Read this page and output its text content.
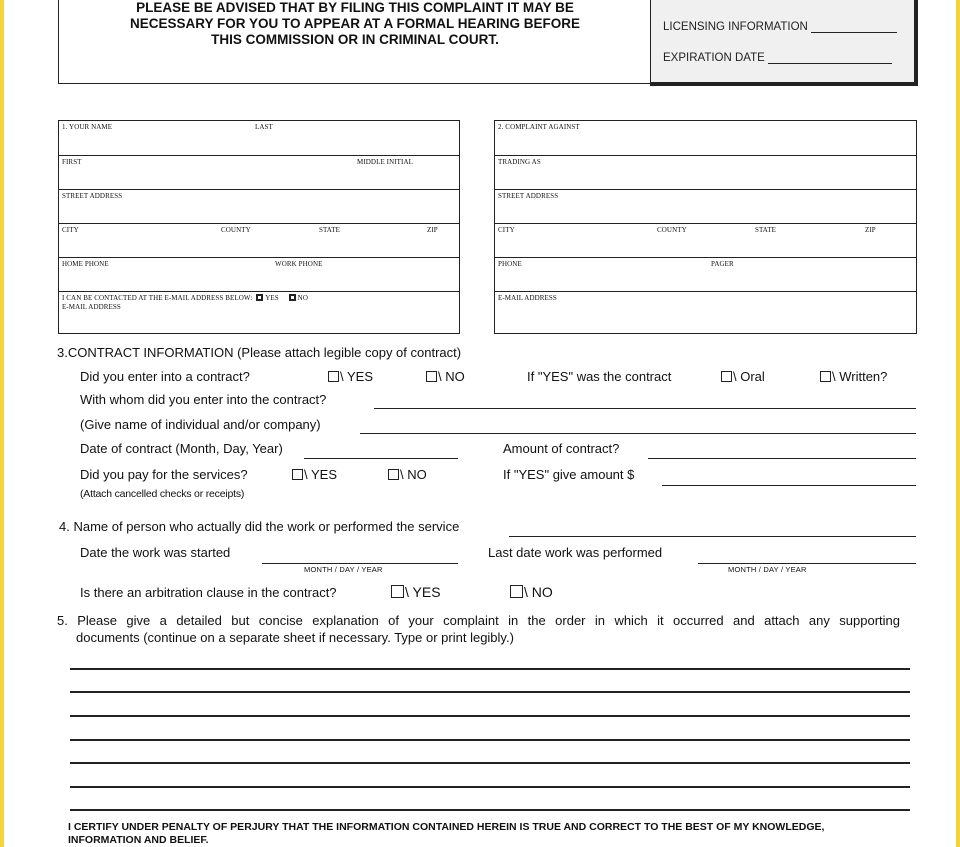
PLEASE BE ADVISED THAT BY FILING THIS COMPLAINT IT MAY BE
NECESSARY FOR YOU TO APPEAR AT A FORMAL HEARING BEFORE
THIS COMMISSION OR IN CRIMINAL COURT.
LICENSING INFORMATION
EXPIRATION DATE
1. YOUR NAME	LAST
FIRST	MIDDLE INITIAL
STREET ADDRESS
CITY	COUNTY	STATE	ZIP
HOME PHONE	WORK PHONE
I CAN BE CONTACTED AT THE E-MAIL ADDRESS BELOW: YES	NO
E-MAIL ADDRESS
2. COMPLAINT AGAINST
TRADING AS
STREET ADDRESS
CITY	COUNTY	STATE	ZIP
PHONE	PAGER
E-MAIL ADDRESS
3.CONTRACT INFORMATION (Please attach legible copy of contract)
Did you enter into a contract?	\ YES	\ NO	If "YES" was the contract	\ Oral	\ Written?
With whom did you enter into the contract?
(Give name of individual and/or company)
Date of contract (Month, Day, Year)	Amount of contract?
Did you pay for the services?	\ YES	\ NO	If "YES" give amount $
(Attach cancelled checks or receipts)
4. Name of person who actually did the work or performed the service
Date the work was started
MONTH / DAY / YEAR
Last date work was performed
MONTH / DAY / YEAR
Is there an arbitration clause in the contract?	\ YES	\ NO
5. Please give a detailed but concise explanation of your complaint in the order in which it occurred and attach any supporting
documents (continue on a separate sheet if necessary. Type or print legibly.)
I CERTIFY UNDER PENALTY OF PERJURY THAT THE INFORMATION CONTAINED HEREIN IS TRUE AND CORRECT TO THE BEST OF MY KNOWLEDGE,
INFORMATION AND BELIEF.
